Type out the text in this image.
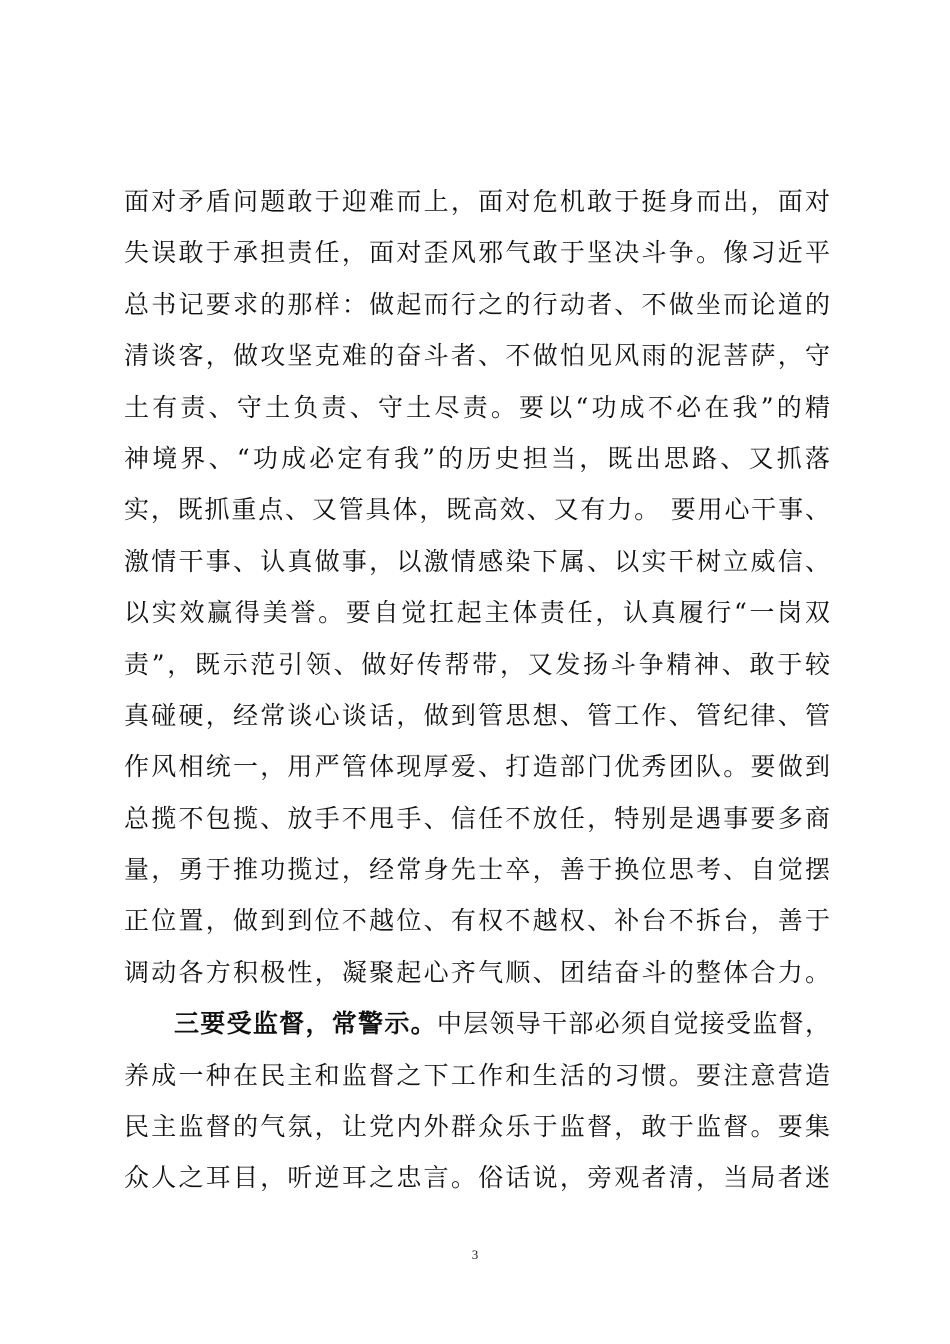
面对矛盾问题敢于迎难而上，面对危机敢于挺身而出，面对
失误敢于承担责任，面对歪风邪气敢于坚决斗争。像习近平
总书记要求的那样：做起而行之的行动者、不做坐而论道的
清谈客，做攻坚克难的奋斗者、不做怕见风雨的泥菩萨，守
土有责、守土负责、守土尽责。要以“功成不必在我”的精
神境界、“功成必定有我”的历史担当，既出思路、又抓落
实，既抓重点、又管具体，既高效、又有力。 要用心干事、
激情干事、认真做事，以激情感染下属、以实干树立威信、
以实效赢得美誉。要自觉扛起主体责任，认真履行“一岗双
责”，既示范引领、做好传帮带，又发扬斗争精神、敢于较
真碰硬，经常谈心谈话，做到管思想、管工作、管纪律、管
作风相统一，用严管体现厚爱、打造部门优秀团队。要做到
总揽不包揽、放手不甩手、信任不放任，特别是遇事要多商
量，勇于推功揽过，经常身先士卒，善于换位思考、自觉摆
正位置，做到到位不越位、有权不越权、补台不拆台，善于
调动各方积极性，凝聚起心齐气顺、团结奋斗的整体合力。
三要受监督，常警示。中层领导干部必须自觉接受监督，
养成一种在民主和监督之下工作和生活的习惯。要注意营造
民主监督的气氛，让党内外群众乐于监督，敢于监督。要集
众人之耳目，听逆耳之忠言。俗话说，旁观者清，当局者迷
3
